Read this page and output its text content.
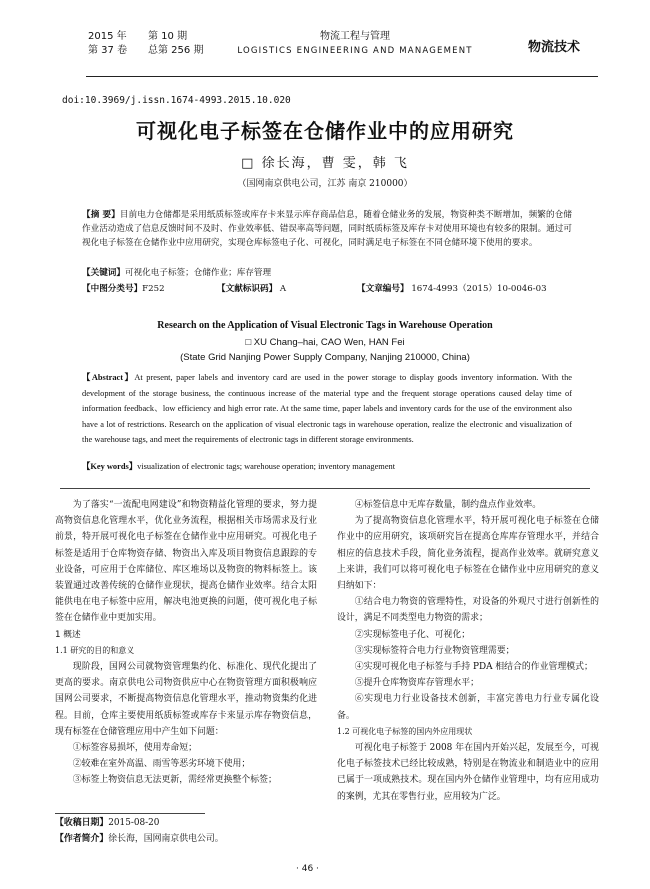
2015 年 第 10 期
第 37 卷 总第 256 期
物流工程与管理
LOGISTICS ENGINEERING AND MANAGEMENT	物流技术
doi:10.3969/j.issn.1674-4993.2015.10.020
可视化电子标签在仓储作业中的应用研究
□ 徐长海，曹 雯，韩 飞
（国网南京供电公司，江苏 南京 210000）
【摘 要】目前电力仓储都是采用纸质标签或库存卡来显示库存商品信息，随着仓储业务的发展，物资种类不断增加，频繁的仓储作业活动造成了信息反馈时间不及时、作业效率低、错误率高等问题，同时纸质标签及库存卡对使用环境也有较多的限制。通过可视化电子标签在仓储作业中应用研究，实现仓库标签电子化、可视化，同时满足电子标签在不同仓储环境下使用的要求。
【关键词】可视化电子标签；仓储作业；库存管理
【中图分类号】F252	【文献标识码】 A	【文章编号】 1674-4993（2015）10-0046-03
Research on the Application of Visual Electronic Tags in Warehouse Operation
□ XU Chang–hai, CAO Wen, HAN Fei
(State Grid Nanjing Power Supply Company, Nanjing 210000, China)
【Abstract】At present, paper labels and inventory card are used in the power storage to display goods inventory information. With the development of the storage business, the continuous increase of the material type and the frequent storage operations caused delay time of information feedback、low efficiency and high error rate. At the same time, paper labels and inventory cards for the use of the environment also have a lot of restrictions. Research on the application of visual electronic tags in warehouse operation, realize the electronic and visualization of the warehouse tags, and meet the requirements of electronic tags in different storage environments.
【Key words】visualization of electronic tags; warehouse operation; inventory management

为了落实“一流配电网建设”和物资精益化管理的要求，努力提高物资信息化管理水平，优化业务流程，根据相关市场需求及行业前景，特开展可视化电子标签在仓储作业中应用研究。可视化电子标签是适用于仓库物资存储、物资出入库及项目物资信息跟踪的专业设备，可应用于仓库储位、库区堆场以及物资的物料标签上。该装置通过改善传统的仓储作业现状，提高仓储作业效率。结合太阳能供电在电子标签中应用，解决电池更换的问题，使可视化电子标签在仓储作业中更加实用。

1 概述

1.1 研究的目的和意义

现阶段，国网公司就物资管理集约化、标准化、现代化提出了更高的要求。南京供电公司物资供应中心在物资管理方面积极响应国网公司要求，不断提高物资信息化管理水平，推动物资集约化进程。目前，仓库主要使用纸质标签或库存卡来显示库存物资信息，现有标签在仓储管理应用中产生如下问题：

①标签容易损坏，使用寿命短；

②较难在室外高温、雨雪等恶劣环境下使用；

③标签上物资信息无法更新，需经常更换整个标签；

④标签信息中无库存数量，制约盘点作业效率。

为了提高物资信息化管理水平，特开展可视化电子标签在仓储作业中的应用研究，该项研究旨在提高仓库库存管理水平，并结合相应的信息技术手段，简化业务流程，提高作业效率。就研究意义上来讲，我们可以将可视化电子标签在仓储作业中应用研究的意义归纳如下：

①结合电力物资的管理特性，对设备的外观尺寸进行创新性的设计，满足不同类型电力物资的需求；

②实现标签电子化、可视化；

③实现标签符合电力行业物资管理需要；

④实现可视化电子标签与手持 PDA 相结合的作业管理模式；

⑤提升仓库物资库存管理水平；

⑥实现电力行业设备技术创新，丰富完善电力行业专属化设备。

1.2 可视化电子标签的国内外应用现状

可视化电子标签于 2008 年在国内开始兴起，发展至今，可视化电子标签技术已经比较成熟，特别是在物流业和制造业中的应用已属于一项成熟技术。现在国内外仓储作业管理中，均有应用成功的案例，尤其在零售行业，应用较为广泛。

【收稿日期】2015-08-20
【作者简介】徐长海，国网南京供电公司。
· 46 ·
